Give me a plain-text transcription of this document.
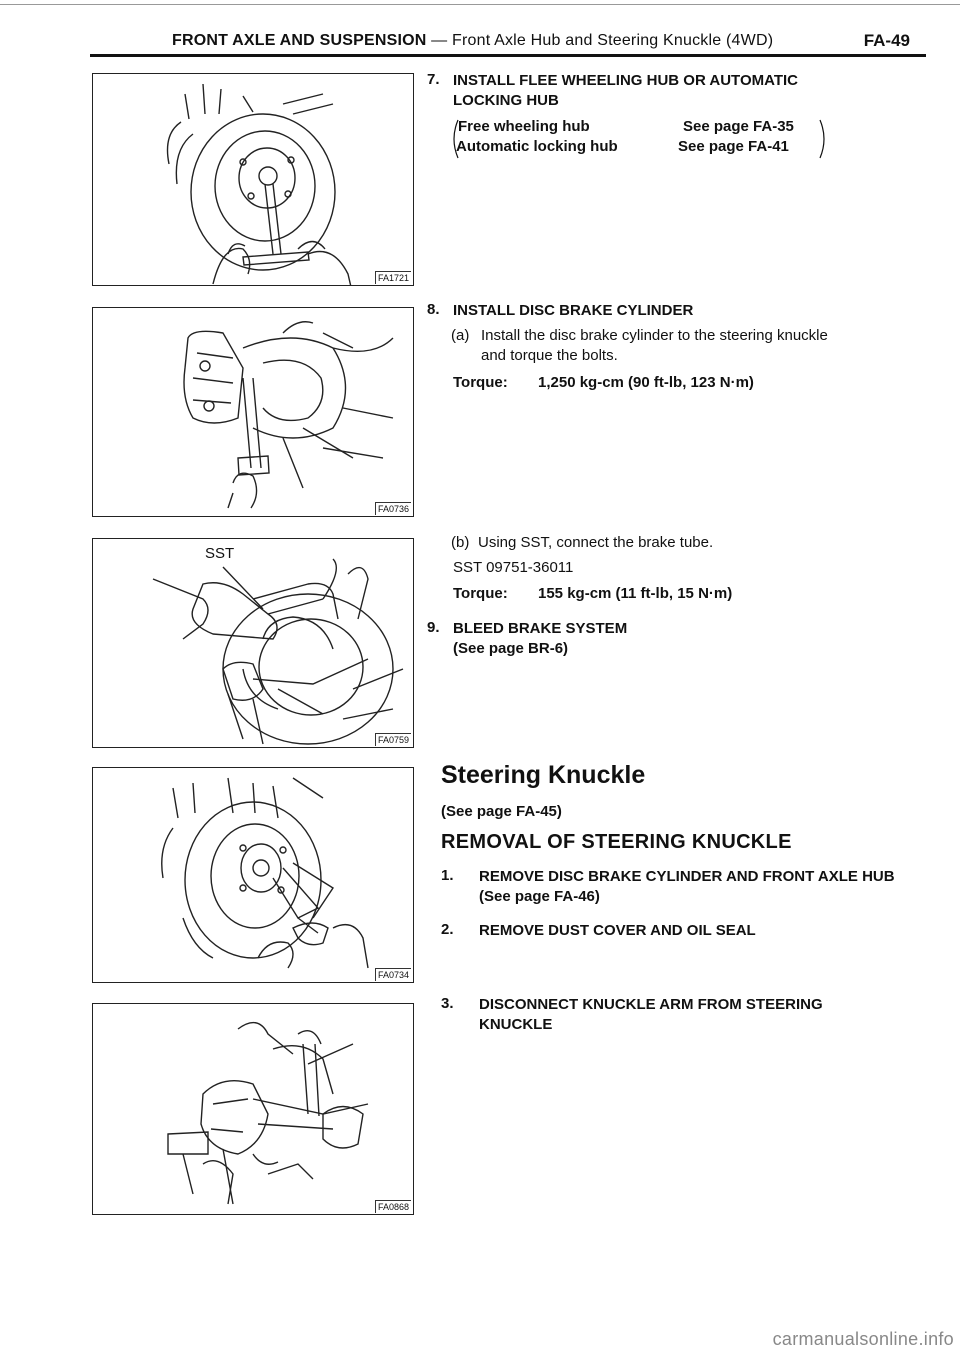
FRONT AXLE AND SUSPENSION — Front Axle Hub and Steering Knuckle (4WD)	FA-49
FA1721
FA0736
SST
FA0759
FA0734
FA0868
7. INSTALL FLEE WHEELING HUB OR AUTOMATIC
LOCKING HUB
Free wheeling hub	See page FA-35
Automatic locking hub	See page FA-41
8. INSTALL DISC BRAKE CYLINDER
(a) Install the disc brake cylinder to the steering knuckle
and torque the bolts.
Torque: 1,250 kg-cm (90 ft-lb, 123 N·m)
(b) Using SST, connect the brake tube.
SST 09751-36011
Torque: 155 kg-cm (11 ft-lb, 15 N·m)
9. BLEED BRAKE SYSTEM
(See page BR-6)
Steering Knuckle
(See page FA-45)
REMOVAL OF STEERING KNUCKLE
1. REMOVE DISC BRAKE CYLINDER AND FRONT AXLE HUB
(See page FA-46)
2. REMOVE DUST COVER AND OIL SEAL
3. DISCONNECT KNUCKLE ARM FROM STEERING
KNUCKLE
carmanualsonline.info
